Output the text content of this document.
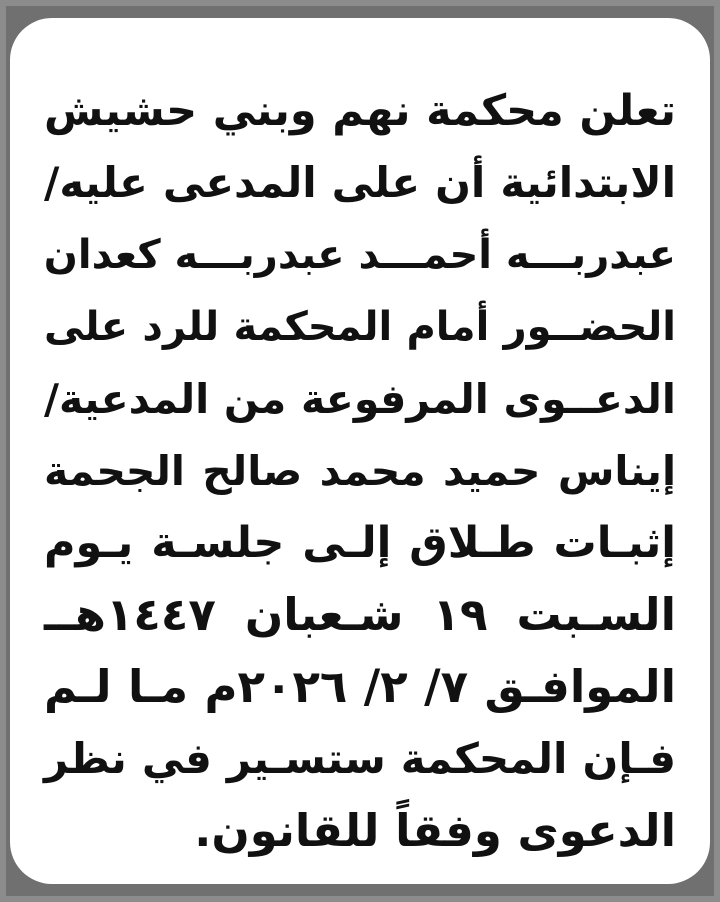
تعلن محكمة نهم وبني حشيش
الابتدائية أن على المدعى عليه/
عبدربـــه أحمـــد عبدربـــه كعدان
الحضــور أمام المحكمة للرد على
الدعــوى المرفوعة من المدعية/
إيناس حميد محمد صالح الجحمة
إثبـات طـلاق إلـى جلسـة يـوم
السـبت ١٩ شـعبان ١٤٤٧هــ
الموافـق ٧/ ٢/ ٢٠٢٦م مـا لـم
فـإن المحكمة ستسـير في نظر
الدعوى وفقاً للقانون.
